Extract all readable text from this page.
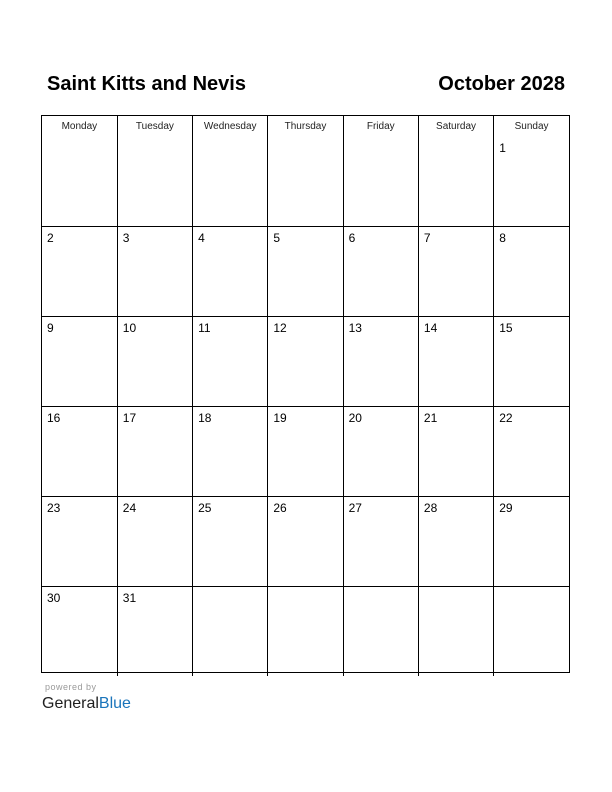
Saint Kitts and Nevis	October 2028
Monday	Tuesday	Wednesday	Thursday	Friday	Saturday	Sunday

						1

2	3	4	5	6	7	8

9	10	11	12	13	14	15

16	17	18	19	20	21	22

23	24	25	26	27	28	29

30	31					

powered by
GeneralBlue
